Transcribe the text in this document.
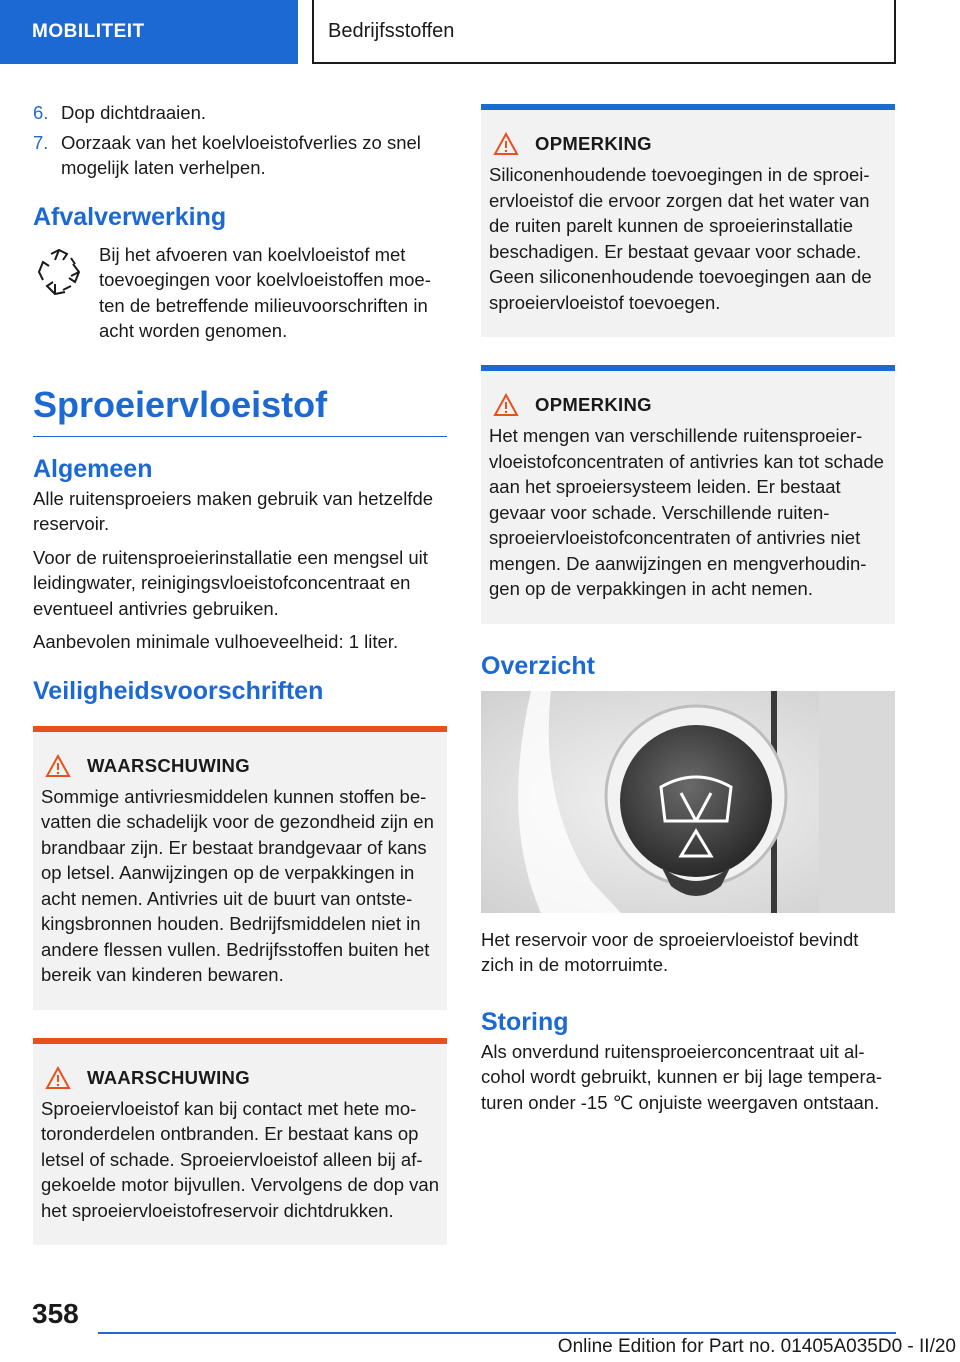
MOBILITEIT	Bedrijfsstoffen
6. Dop dichtdraaien.
7. Oorzaak van het koelvloeistofverlies zo snel mogelijk laten verhelpen.
Afvalverwerking

Bij het afvoeren van koelvloeistof met toevoegingen voor koelvloeistoffen moeten de betreffende milieuvoorschriften in acht worden genomen.

Sproeiervloeistof
Algemeen

Alle ruitensproeiers maken gebruik van hetzelfde reservoir.

Voor de ruitensproeierinstallatie een mengsel uit leidingwater, reinigingsvloeistofconcentraat en eventueel antivries gebruiken.

Aanbevolen minimale vulhoeveelheid: 1 liter.

Veiligheidsvoorschriften
WAARSCHUWING

Sommige antivriesmiddelen kunnen stoffen bevatten die schadelijk voor de gezondheid zijn en brandbaar zijn. Er bestaat brandgevaar of kans op letsel. Aanwijzingen op de verpakkingen in acht nemen. Antivries uit de buurt van ontstekingsbronnen houden. Bedrijfsmiddelen niet in andere flessen vullen. Bedrijfsstoffen buiten het bereik van kinderen bewaren.

WAARSCHUWING

Sproeiervloeistof kan bij contact met hete motoronderdelen ontbranden. Er bestaat kans op letsel of schade. Sproeiervloeistof alleen bij afgekoelde motor bijvullen. Vervolgens de dop van het sproeiervloeistofreservoir dichtdrukken.

OPMERKING

Siliconenhoudende toevoegingen in de sproeiervloeistof die ervoor zorgen dat het water van de ruiten parelt kunnen de sproeierinstallatie beschadigen. Er bestaat gevaar voor schade. Geen siliconenhoudende toevoegingen aan de sproeiervloeistof toevoegen.

OPMERKING

Het mengen van verschillende ruitensproeiervloeistofconcentraten of antivries kan tot schade aan het sproeiersysteem leiden. Er bestaat gevaar voor schade. Verschillende ruitensproeiervloeistofconcentraten of antivries niet mengen. De aanwijzingen en mengverhoudingen op de verpakkingen in acht nemen.

Overzicht

Het reservoir voor de sproeiervloeistof bevindt zich in de motorruimte.

Storing

Als onverdund ruitensproeierconcentraat uit alcohol wordt gebruikt, kunnen er bij lage temperaturen onder -15 ℃ onjuiste weergaven ontstaan.

358
Online Edition for Part no. 01405A035D0 - II/20
